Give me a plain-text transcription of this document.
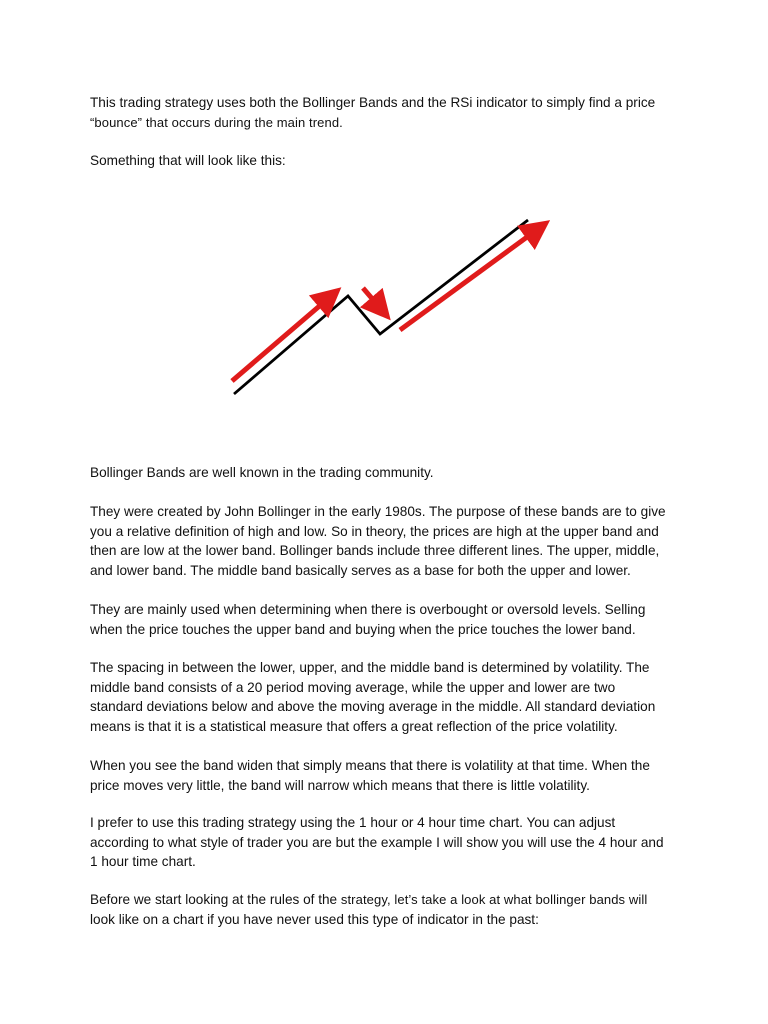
This trading strategy uses both the Bollinger Bands and the RSi indicator to simply find a price
“bounce” that occurs during the main trend.

Something that will look like this:

Bollinger Bands are well known in the trading community.

They were created by John Bollinger in the early 1980s. The purpose of these bands are to give
you a relative definition of high and low. So in theory, the prices are high at the upper band and
then are low at the lower band. Bollinger bands include three different lines. The upper, middle,
and lower band. The middle band basically serves as a base for both the upper and lower.

They are mainly used when determining when there is overbought or oversold levels. Selling
when the price touches the upper band and buying when the price touches the lower band.

The spacing in between the lower, upper, and the middle band is determined by volatility. The
middle band consists of a 20 period moving average, while the upper and lower are two
standard deviations below and above the moving average in the middle. All standard deviation
means is that it is a statistical measure that offers a great reflection of the price volatility.

When you see the band widen that simply means that there is volatility at that time. When the
price moves very little, the band will narrow which means that there is little volatility.

I prefer to use this trading strategy using the 1 hour or 4 hour time chart. You can adjust
according to what style of trader you are but the example I will show you will use the 4 hour and
1 hour time chart.

Before we start looking at the rules of the strategy, let’s take a look at what bollinger bands will
look like on a chart if you have never used this type of indicator in the past:
